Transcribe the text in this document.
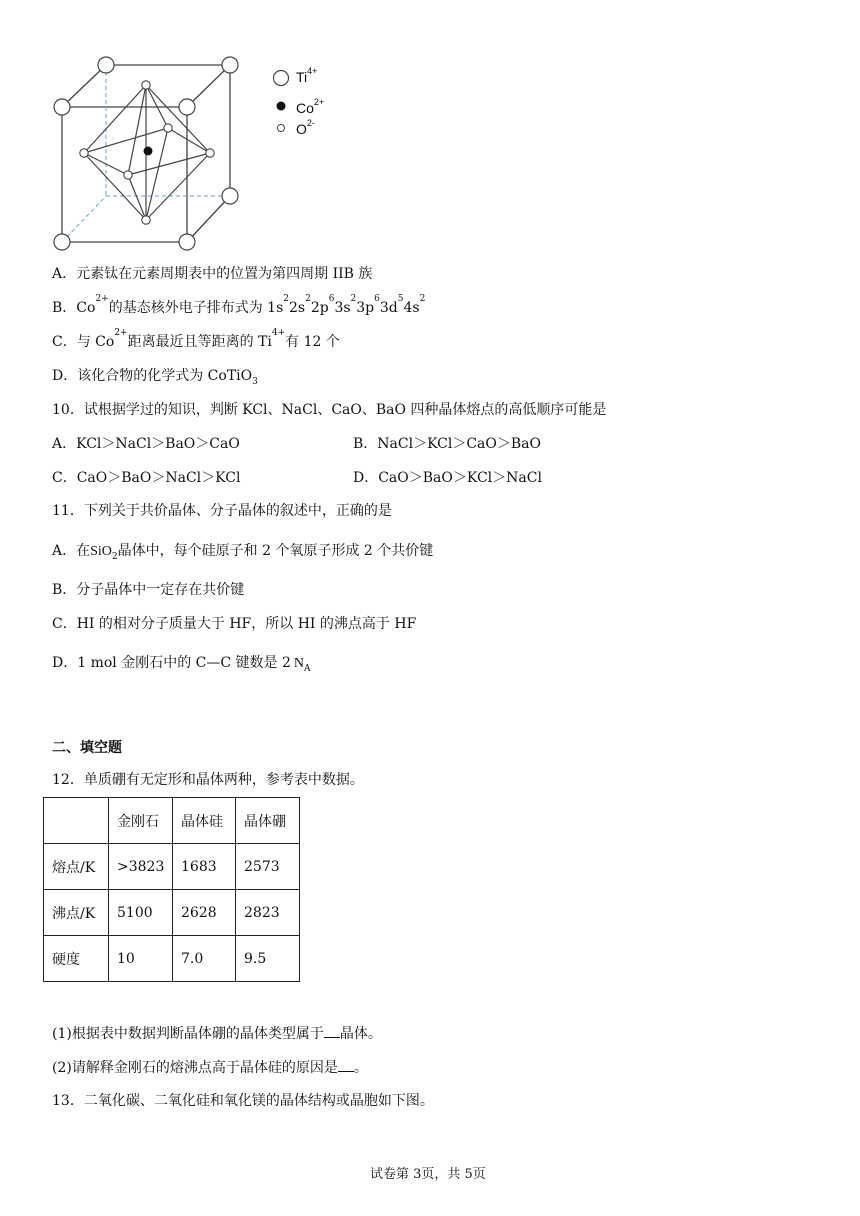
$Ti^{4+}$
$Co^{2+}$
$O^{2-}$
A．元素钛在元素周期表中的位置为第四周期 IIB 族
B．$Co^{2+}$的基态核外电子排布式为 $1s^22s^22p^63s^23p^63d^54s^2$
C．与 $Co^{2+}$距离最近且等距离的 $Ti^{4+}$有 12 个
D．该化合物的化学式为 CoTiO$_3$
10．试根据学过的知识，判断 KCl、NaCl、CaO、BaO 四种晶体熔点的高低顺序可能是
A．KCl＞NaCl＞BaO＞CaO	B．NaCl＞KCl＞CaO＞BaO
C．CaO＞BaO＞NaCl＞KCl	D．CaO＞BaO＞KCl＞NaCl
11．下列关于共价晶体、分子晶体的叙述中，正确的是
A．在SiO$_2$晶体中，每个硅原子和 2 个氧原子形成 2 个共价键
B．分子晶体中一定存在共价键
C．HI 的相对分子质量大于 HF，所以 HI 的沸点高于 HF
D．1 mol 金刚石中的 C—C 键数是 2 $N_A$
二、填空题
12．单质硼有无定形和晶体两种，参考表中数据。
	金刚石	晶体硅	晶体硼
熔点/K	>3823	1683	2573
沸点/K	5100	2628	2823
硬度	10	7.0	9.5
(1)根据表中数据判断晶体硼的晶体类型属于 晶体。
(2)请解释金刚石的熔沸点高于晶体硅的原因是 。
13．二氧化碳、二氧化硅和氧化镁的晶体结构或晶胞如下图。
试卷第 3页，共 5页
